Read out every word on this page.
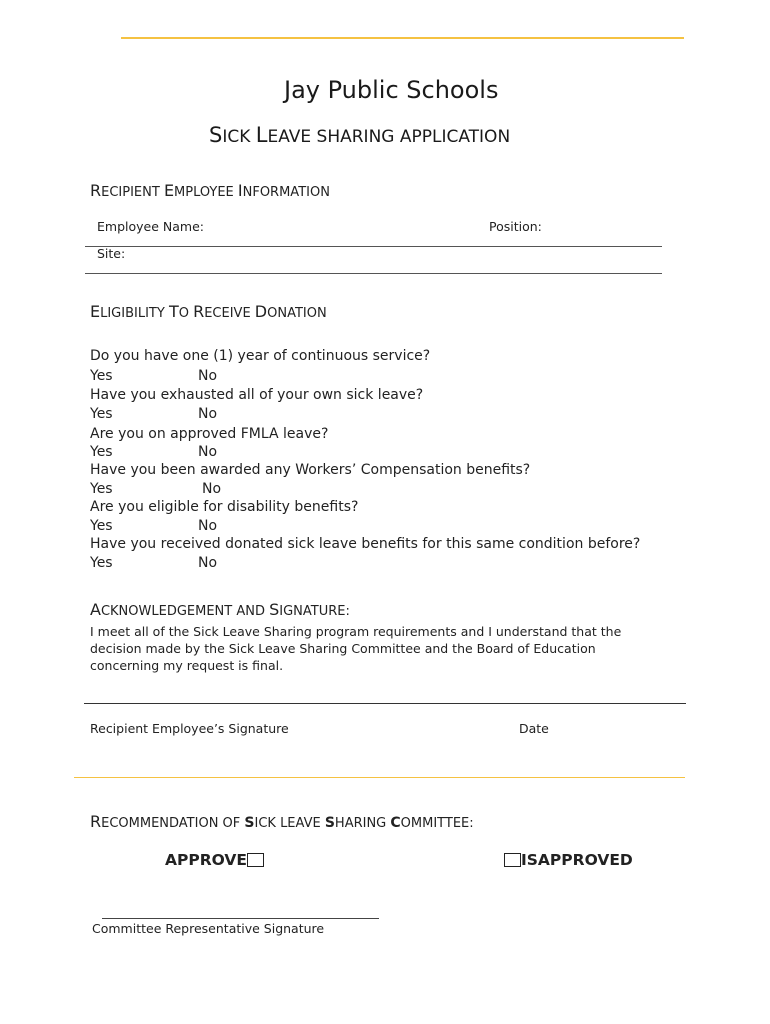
Jay Public Schools
SICK LEAVE SHARING APPLICATION
RECIPIENT EMPLOYEE INFORMATION
Employee Name:	Position:
Site:
ELIGIBILITY TO RECEIVE DONATION
Do you have one (1) year of continuous service?
Yes	No
Have you exhausted all of your own sick leave?
Yes	No
Are you on approved FMLA leave?
Yes	No
Have you been awarded any Workers’ Compensation benefits?
Yes	No
Are you eligible for disability benefits?
Yes	No
Have you received donated sick leave benefits for this same condition before?
Yes	No
ACKNOWLEDGEMENT AND SIGNATURE:
I meet all of the Sick Leave Sharing program requirements and I understand that the decision made by the Sick Leave Sharing Committee and the Board of Education concerning my request is final.
Recipient Employee’s Signature	Date
RECOMMENDATION OF SICK LEAVE SHARING COMMITTEE:
APPROVE	ISAPPROVED
Committee Representative Signature
